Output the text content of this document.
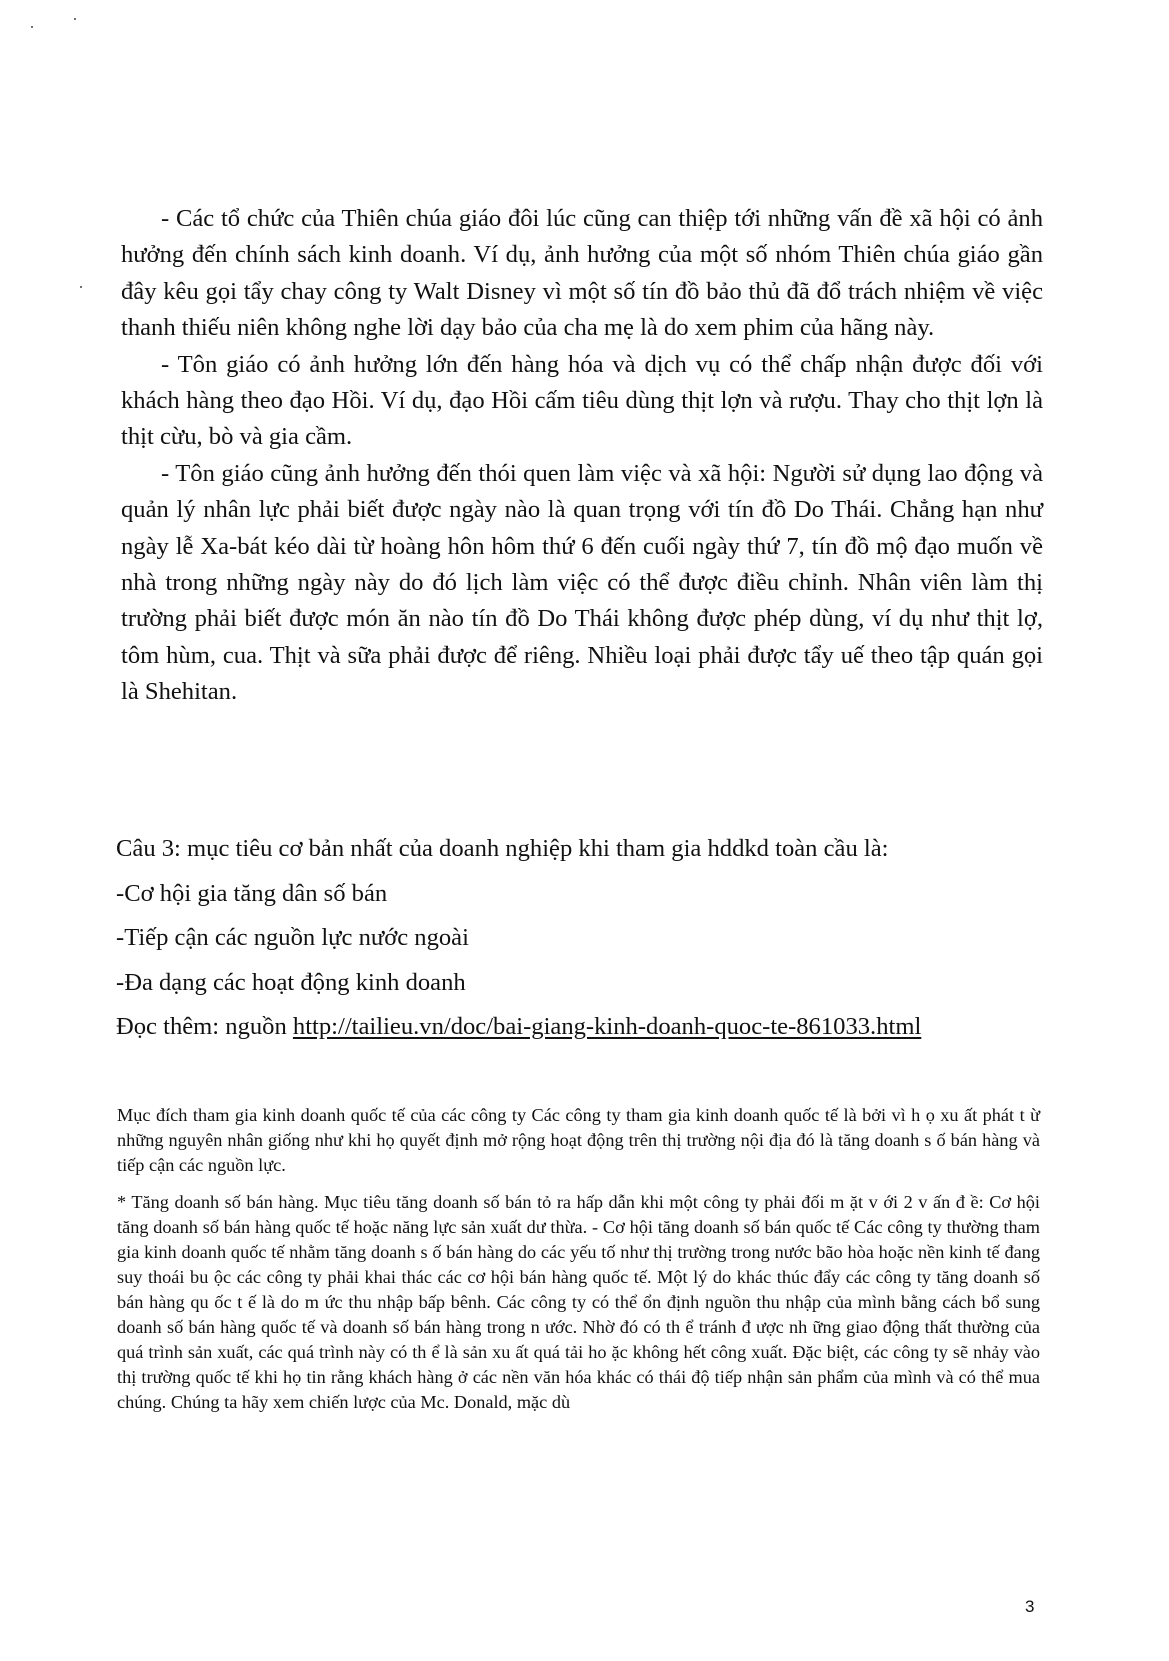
- Các tổ chức của Thiên chúa giáo đôi lúc cũng can thiệp tới những vấn đề xã hội có ảnh hưởng đến chính sách kinh doanh. Ví dụ, ảnh hưởng của một số nhóm Thiên chúa giáo gần đây kêu gọi tẩy chay công ty Walt Disney vì một số tín đồ bảo thủ đã đổ trách nhiệm về việc thanh thiếu niên không nghe lời dạy bảo của cha mẹ là do xem phim của hãng này.

- Tôn giáo có ảnh hưởng lớn đến hàng hóa và dịch vụ có thể chấp nhận được đối với khách hàng theo đạo Hồi. Ví dụ, đạo Hồi cấm tiêu dùng thịt lợn và rượu. Thay cho thịt lợn là thịt cừu, bò và gia cầm.

- Tôn giáo cũng ảnh hưởng đến thói quen làm việc và xã hội: Người sử dụng lao động và quản lý nhân lực phải biết được ngày nào là quan trọng với tín đồ Do Thái. Chẳng hạn như ngày lễ Xa-bát kéo dài từ hoàng hôn hôm thứ 6 đến cuối ngày thứ 7, tín đồ mộ đạo muốn về nhà trong những ngày này do đó lịch làm việc có thể được điều chỉnh. Nhân viên làm thị trường phải biết được món ăn nào tín đồ Do Thái không được phép dùng, ví dụ như thịt lợ, tôm hùm, cua. Thịt và sữa phải được để riêng. Nhiều loại phải được tẩy uế theo tập quán gọi là Shehitan.

Câu 3: mục tiêu cơ bản nhất của doanh nghiệp khi tham gia hddkd toàn cầu là:
-Cơ hội gia tăng dân số bán
-Tiếp cận các nguồn lực nước ngoài
-Đa dạng các hoạt động kinh doanh
Đọc thêm: nguồn http://tailieu.vn/doc/bai-giang-kinh-doanh-quoc-te-861033.html

Mục đích tham gia kinh doanh quốc tế của các công ty Các công ty tham gia kinh doanh quốc tế là bởi vì h ọ xu ất phát t ừ những nguyên nhân giống như khi họ quyết định mở rộng hoạt động trên thị trường nội địa đó là tăng doanh s ố bán hàng và tiếp cận các nguồn lực.

* Tăng doanh số bán hàng. Mục tiêu tăng doanh số bán tỏ ra hấp dẫn khi một công ty phải đối m ặt v ới 2 v ấn đ ề: Cơ hội tăng doanh số bán hàng quốc tế hoặc năng lực sản xuất dư thừa. - Cơ hội tăng doanh số bán quốc tế Các công ty thường tham gia kinh doanh quốc tế nhằm tăng doanh s ố bán hàng do các yếu tố như thị trường trong nước bão hòa hoặc nền kinh tế đang suy thoái bu ộc các công ty phải khai thác các cơ hội bán hàng quốc tế. Một lý do khác thúc đẩy các công ty tăng doanh số bán hàng qu ốc t ế là do m ức thu nhập bấp bênh. Các công ty có thể ổn định nguồn thu nhập của mình bằng cách bổ sung doanh số bán hàng quốc tế và doanh số bán hàng trong n ước. Nhờ đó có th ể tránh đ ược nh ững giao động thất thường của quá trình sản xuất, các quá trình này có th ể là sản xu ất quá tải ho ặc không hết công xuất. Đặc biệt, các công ty sẽ nhảy vào thị trường quốc tế khi họ tin rằng khách hàng ở các nền văn hóa khác có thái độ tiếp nhận sản phẩm của mình và có thể mua chúng. Chúng ta hãy xem chiến lược của Mc. Donald, mặc dù

3
